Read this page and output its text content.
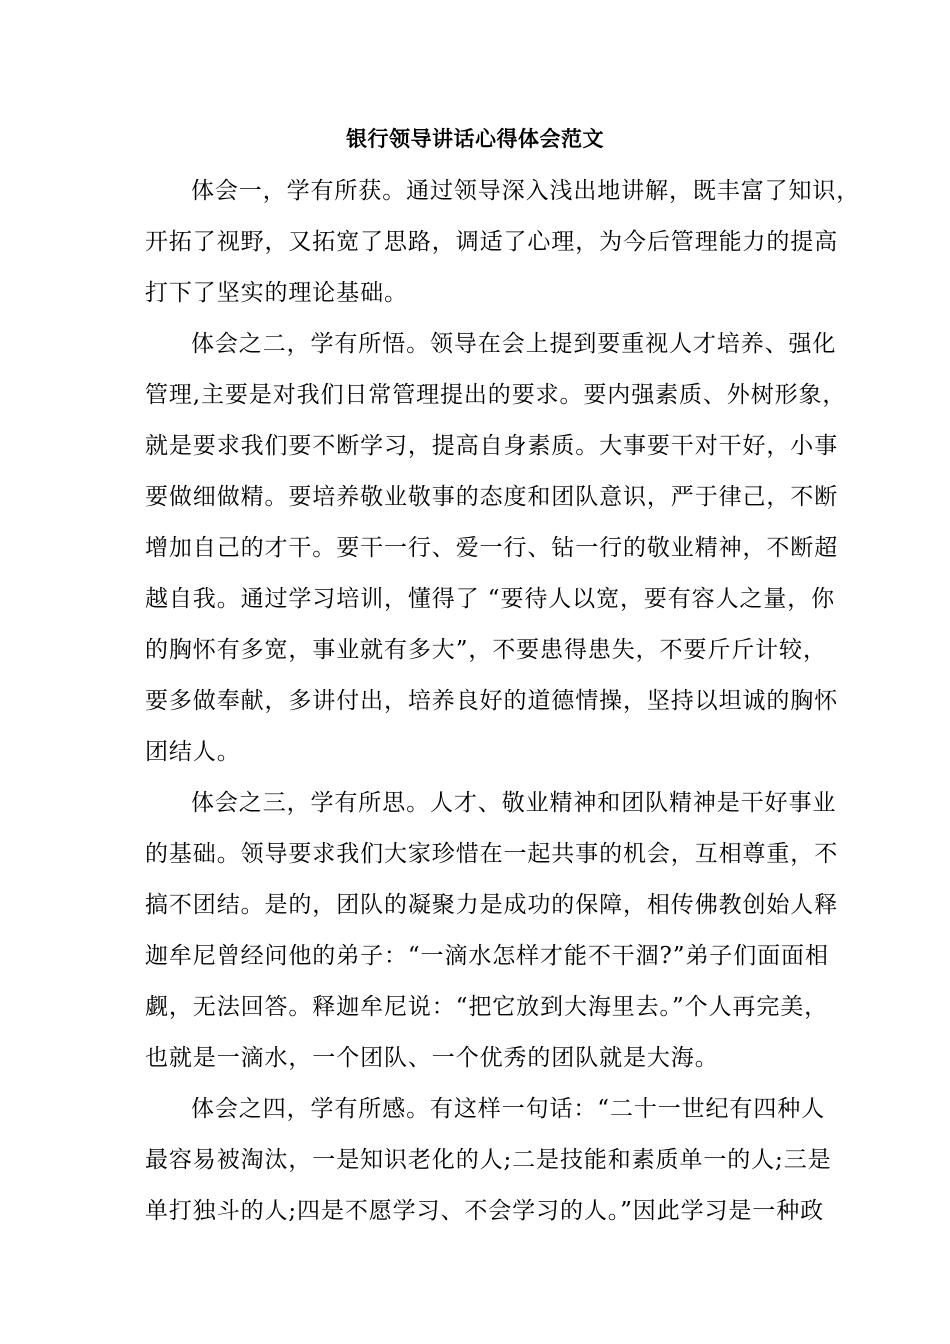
银行领导讲话心得体会范文
体会一，学有所获。通过领导深入浅出地讲解，既丰富了知识，
开拓了视野，又拓宽了思路，调适了心理，为今后管理能力的提高
打下了坚实的理论基础。
体会之二，学有所悟。领导在会上提到要重视人才培养、强化
管理,主要是对我们日常管理提出的要求。要内强素质、外树形象，
就是要求我们要不断学习，提高自身素质。大事要干对干好，小事
要做细做精。要培养敬业敬事的态度和团队意识，严于律己，不断
增加自己的才干。要干一行、爱一行、钻一行的敬业精神，不断超
越自我。通过学习培训，懂得了 “要待人以宽，要有容人之量，你
的胸怀有多宽，事业就有多大”，不要患得患失，不要斤斤计较，
要多做奉献，多讲付出，培养良好的道德情操，坚持以坦诚的胸怀
团结人。
体会之三，学有所思。人才、敬业精神和团队精神是干好事业
的基础。领导要求我们大家珍惜在一起共事的机会，互相尊重，不
搞不团结。是的，团队的凝聚力是成功的保障，相传佛教创始人释
迦牟尼曾经问他的弟子：“一滴水怎样才能不干涸?”弟子们面面相
觑，无法回答。释迦牟尼说：“把它放到大海里去。”个人再完美，
也就是一滴水，一个团队、一个优秀的团队就是大海。
体会之四，学有所感。有这样一句话：“二十一世纪有四种人
最容易被淘汰，一是知识老化的人;二是技能和素质单一的人;三是
单打独斗的人;四是不愿学习、不会学习的人。”因此学习是一种政
